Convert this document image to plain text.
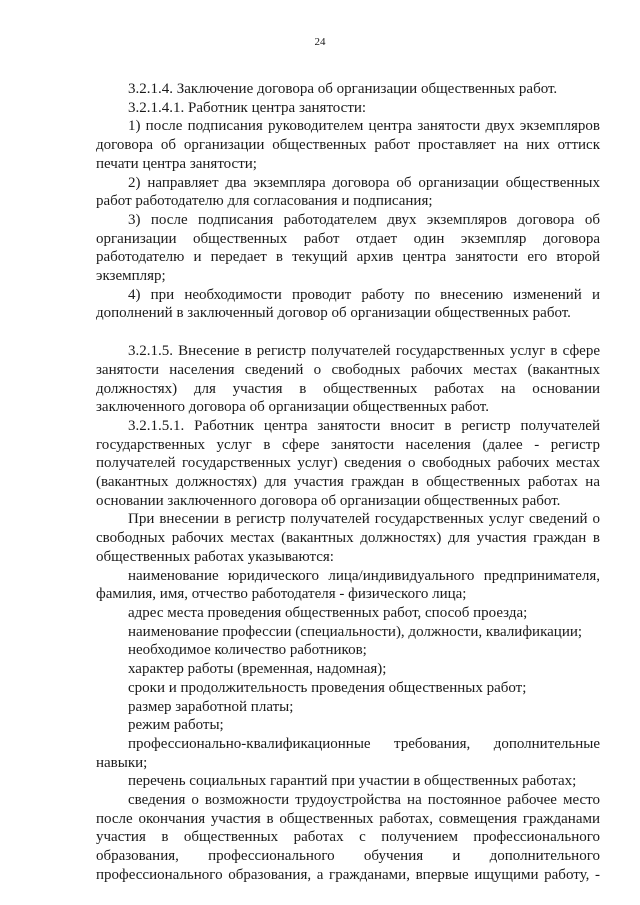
24

3.2.1.4. Заключение договора об организации общественных работ.

3.2.1.4.1. Работник центра занятости:

1) после подписания руководителем центра занятости двух экземпляров договора об организации общественных работ проставляет на них оттиск печати центра занятости;

2) направляет два экземпляра договора об организации общественных работ работодателю для согласования и подписания;

3) после подписания работодателем двух экземпляров договора об организации общественных работ отдает один экземпляр договора работодателю и передает в текущий архив центра занятости его второй экземпляр;

4) при необходимости проводит работу по внесению изменений и дополнений в заключенный договор об организации общественных работ.

3.2.1.5. Внесение в регистр получателей государственных услуг в сфере занятости населения сведений о свободных рабочих местах (вакантных должностях) для участия в общественных работах на основании заключенного договора об организации общественных работ.

3.2.1.5.1. Работник центра занятости вносит в регистр получателей государственных услуг в сфере занятости населения (далее - регистр получателей государственных услуг) сведения о свободных рабочих местах (вакантных должностях) для участия граждан в общественных работах на основании заключенного договора об организации общественных работ.

При внесении в регистр получателей государственных услуг сведений о свободных рабочих местах (вакантных должностях) для участия граждан в общественных работах указываются:

наименование юридического лица/индивидуального предпринимателя, фамилия, имя, отчество работодателя - физического лица;

адрес места проведения общественных работ, способ проезда;

наименование профессии (специальности), должности, квалификации;

необходимое количество работников;

характер работы (временная, надомная);

сроки и продолжительность проведения общественных работ;

размер заработной платы;

режим работы;

профессионально-квалификационные требования, дополнительные навыки;

перечень социальных гарантий при участии в общественных работах;

сведения о возможности трудоустройства на постоянное рабочее место после окончания участия в общественных работах, совмещения гражданами участия в общественных работах с получением профессионального образования, профессионального обучения и дополнительного профессионального образования, а гражданами, впервые ищущими работу, -
